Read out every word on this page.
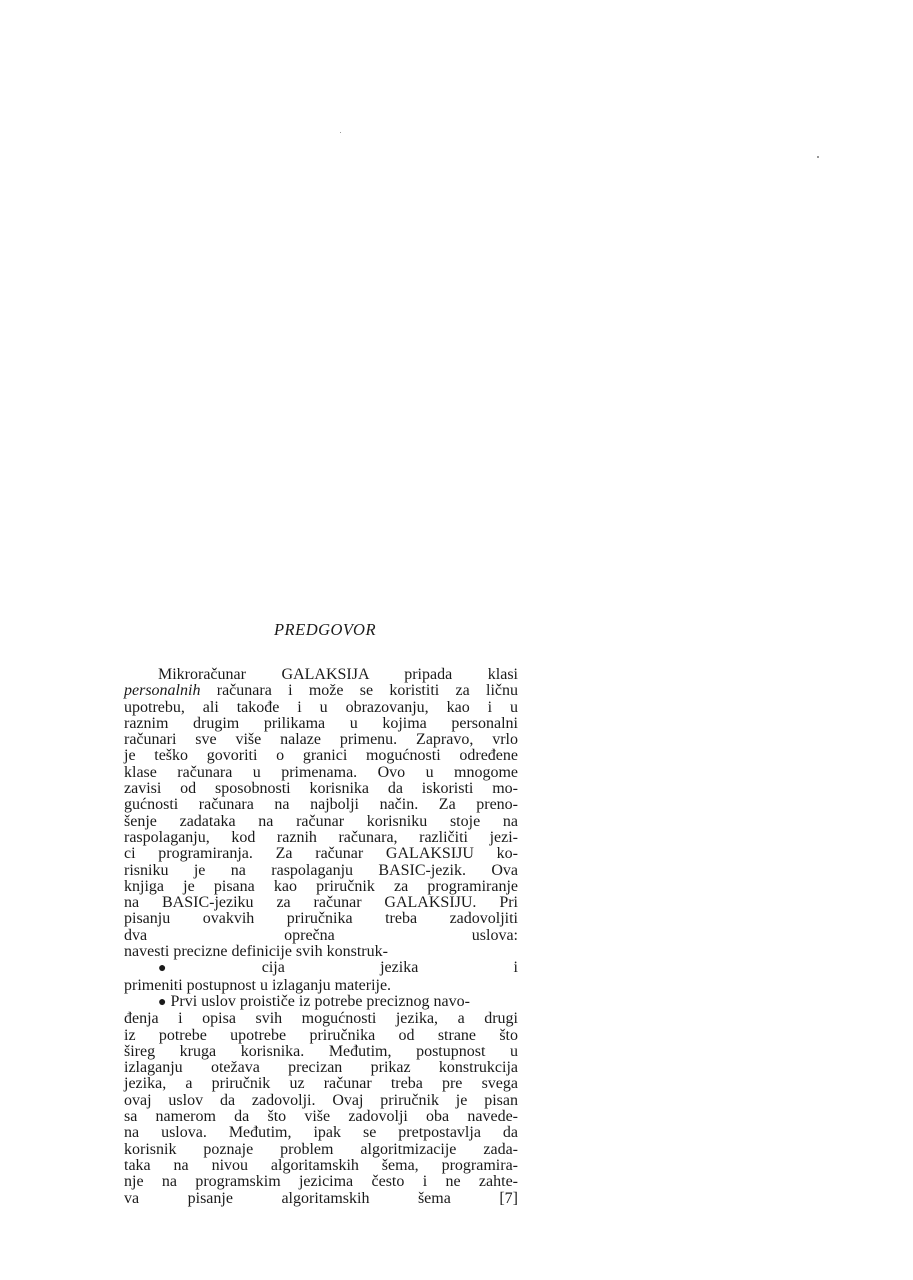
PREDGOVOR
Mikroračunar GALAKSIJA pripada klasi
personalnih računara i može se koristiti za ličnu
upotrebu, ali takođe i u obrazovanju, kao i u
raznim drugim prilikama u kojima personalni
računari sve više nalaze primenu. Zapravo, vrlo
je teško govoriti o granici mogućnosti određene
klase računara u primenama. Ovo u mnogome
zavisi od sposobnosti korisnika da iskoristi mo-
gućnosti računara na najbolji način. Za preno-
šenje zadataka na računar korisniku stoje na
raspolaganju, kod raznih računara, različiti jezi-
ci programiranja. Za računar GALAKSIJU ko-
risniku je na raspolaganju BASIC-jezik. Ova
knjiga je pisana kao priručnik za programiranje
na BASIC-jeziku za računar GALAKSIJU. Pri
pisanju ovakvih priručnika treba zadovoljiti
dva oprečna uslova:
navesti precizne definicije svih konstruk-
● cija jezika i
primeniti postupnost u izlaganju materije.
● Prvi uslov proističe iz potrebe preciznog navo-
đenja i opisa svih mogućnosti jezika, a drugi
iz potrebe upotrebe priručnika od strane što
šireg kruga korisnika. Međutim, postupnost u
izlaganju otežava precizan prikaz konstrukcija
jezika, a priručnik uz računar treba pre svega
ovaj uslov da zadovolji. Ovaj priručnik je pisan
sa namerom da što više zadovolji oba navede-
na uslova. Međutim, ipak se pretpostavlja da
korisnik poznaje problem algoritmizacije zada-
taka na nivou algoritamskih šema, programira-
nje na programskim jezicima često i ne zahte-
va pisanje algoritamskih šema [7]
